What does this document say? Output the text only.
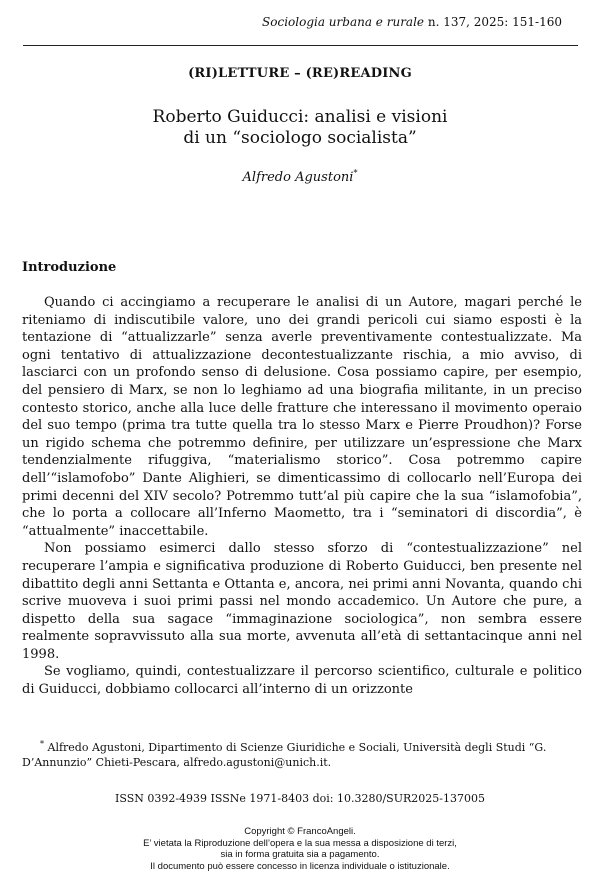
Sociologia urbana e rurale n. 137, 2025: 151-160
(RI)LETTURE – (RE)READING
Roberto Guiducci: analisi e visioni
di un “sociologo socialista”
Alfredo Agustoni*
Introduzione

Quando ci accingiamo a recuperare le analisi di un Autore, magari perché le riteniamo di indiscutibile valore, uno dei grandi pericoli cui siamo esposti è la tentazione di “attualizzarle” senza averle preventivamente contestualizzate. Ma ogni tentativo di attualizzazione decontestualizzante rischia, a mio avviso, di lasciarci con un profondo senso di delusione. Cosa possiamo capire, per esempio, del pensiero di Marx, se non lo leghiamo ad una biografia militante, in un preciso contesto storico, anche alla luce delle fratture che interessano il movimento operaio del suo tempo (prima tra tutte quella tra lo stesso Marx e Pierre Proudhon)? Forse un rigido schema che potremmo definire, per utilizzare un’espressione che Marx tendenzialmente rifuggiva, “materialismo storico”. Cosa potremmo capire dell’“islamofobo” Dante Alighieri, se dimenticassimo di collocarlo nell’Europa dei primi decenni del XIV secolo? Potremmo tutt’al più capire che la sua “islamofobia”, che lo porta a collocare all’Inferno Maometto, tra i “seminatori di discordia”, è “attualmente” inaccettabile.

Non possiamo esimerci dallo stesso sforzo di “contestualizzazione” nel recuperare l’ampia e significativa produzione di Roberto Guiducci, ben presente nel dibattito degli anni Settanta e Ottanta e, ancora, nei primi anni Novanta, quando chi scrive muoveva i suoi primi passi nel mondo accademico. Un Autore che pure, a dispetto della sua sagace “immaginazione sociologica”, non sembra essere realmente sopravvissuto alla sua morte, avvenuta all’età di settantacinque anni nel 1998.

Se vogliamo, quindi, contestualizzare il percorso scientifico, culturale e politico di Guiducci, dobbiamo collocarci all’interno di un orizzonte

* Alfredo Agustoni, Dipartimento di Scienze Giuridiche e Sociali, Università degli Studi “G. D’Annunzio” Chieti-Pescara, alfredo.agustoni@unich.it.

ISSN 0392-4939 ISSNe 1971-8403 doi: 10.3280/SUR2025-137005
Copyright © FrancoAngeli.
E’ vietata la Riproduzione dell’opera e la sua messa a disposizione di terzi,
sia in forma gratuita sia a pagamento.
Il documento può essere concesso in licenza individuale o istituzionale.
